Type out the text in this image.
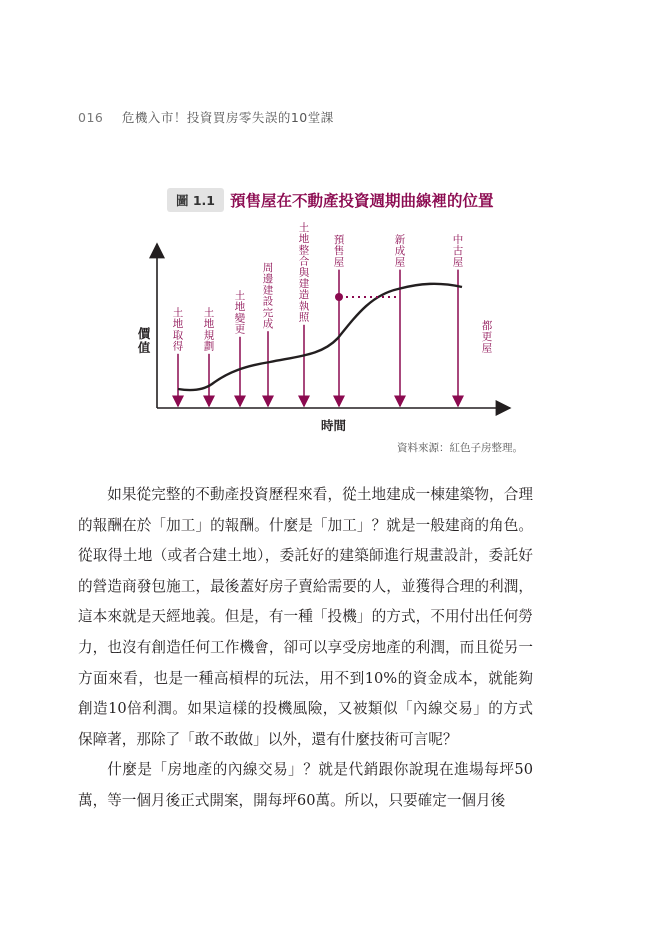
016 危機入市！投資買房零失誤的10堂課
圖 1.1 預售屋在不動產投資週期曲線裡的位置
土地取得
土地規劃
土地變更
周邊建設完成
土地整合與建造執照
預售屋
新成屋
中古屋
都更屋
價值
時間
資料來源：紅色子房整理。

如果從完整的不動產投資歷程來看，從土地建成一棟建築物，合理的報酬在於「加工」的報酬。什麼是「加工」？就是一般建商的角色。從取得土地（或者合建土地），委託好的建築師進行規畫設計，委託好的營造商發包施工，最後蓋好房子賣給需要的人，並獲得合理的利潤，這本來就是天經地義。但是，有一種「投機」的方式，不用付出任何勞力，也沒有創造任何工作機會，卻可以享受房地產的利潤，而且從另一方面來看，也是一種高槓桿的玩法，用不到10%的資金成本，就能夠創造10倍利潤。如果這樣的投機風險，又被類似「內線交易」的方式保障著，那除了「敢不敢做」以外，還有什麼技術可言呢？

什麼是「房地產的內線交易」？就是代銷跟你說現在進場每坪50萬，等一個月後正式開案，開每坪60萬。所以，只要確定一個月後
